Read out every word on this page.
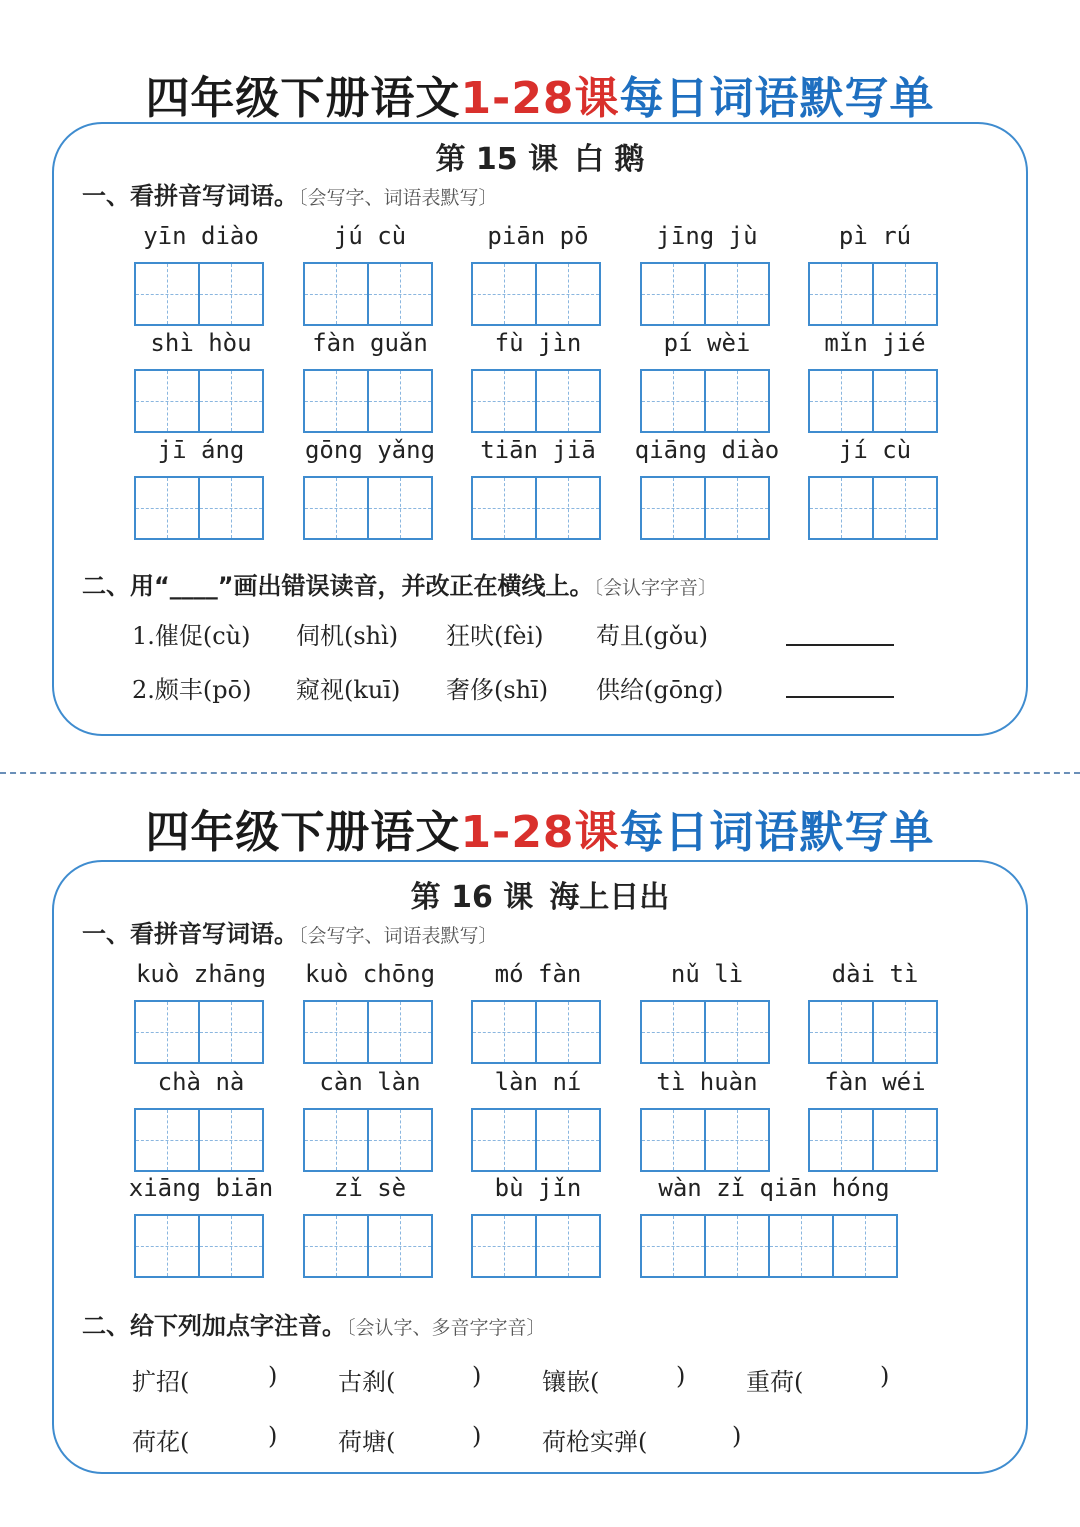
四年级下册语文1-28课每日词语默写单
第 15 课 白 鹅
一、看拼音写词语。〔会写字、词语表默写〕
yīn diào	jú cù	piān pō	jīng jù	pì rú
shì hòu	fàn guǎn	fù jìn	pí wèi	mǐn jié
jī áng	gōng yǎng	tiān jiā	qiāng diào	jí cù
二、用“____”画出错误读音，并改正在横线上。〔会认字字音〕
1.催促(cù) 伺机(shì) 狂吠(fèi) 苟且(gǒu)
2.颇丰(pō) 窥视(kuī) 奢侈(shī) 供给(gōng)
四年级下册语文1-28课每日词语默写单
第 16 课 海上日出
一、看拼音写词语。〔会写字、词语表默写〕
kuò zhāng	kuò chōng	mó fàn	nǔ lì	dài tì
chà nà	càn làn	làn ní	tì huàn	fàn wéi
xiāng biān	zǐ sè	bù jǐn	wàn zǐ qiān hóng
二、给下列加点字注音。〔会认字、多音字字音〕
扩招(	)	古刹(	)	镶嵌(	)	重荷(	)
荷花(	)	荷塘(	)	荷枪实弹(	)
